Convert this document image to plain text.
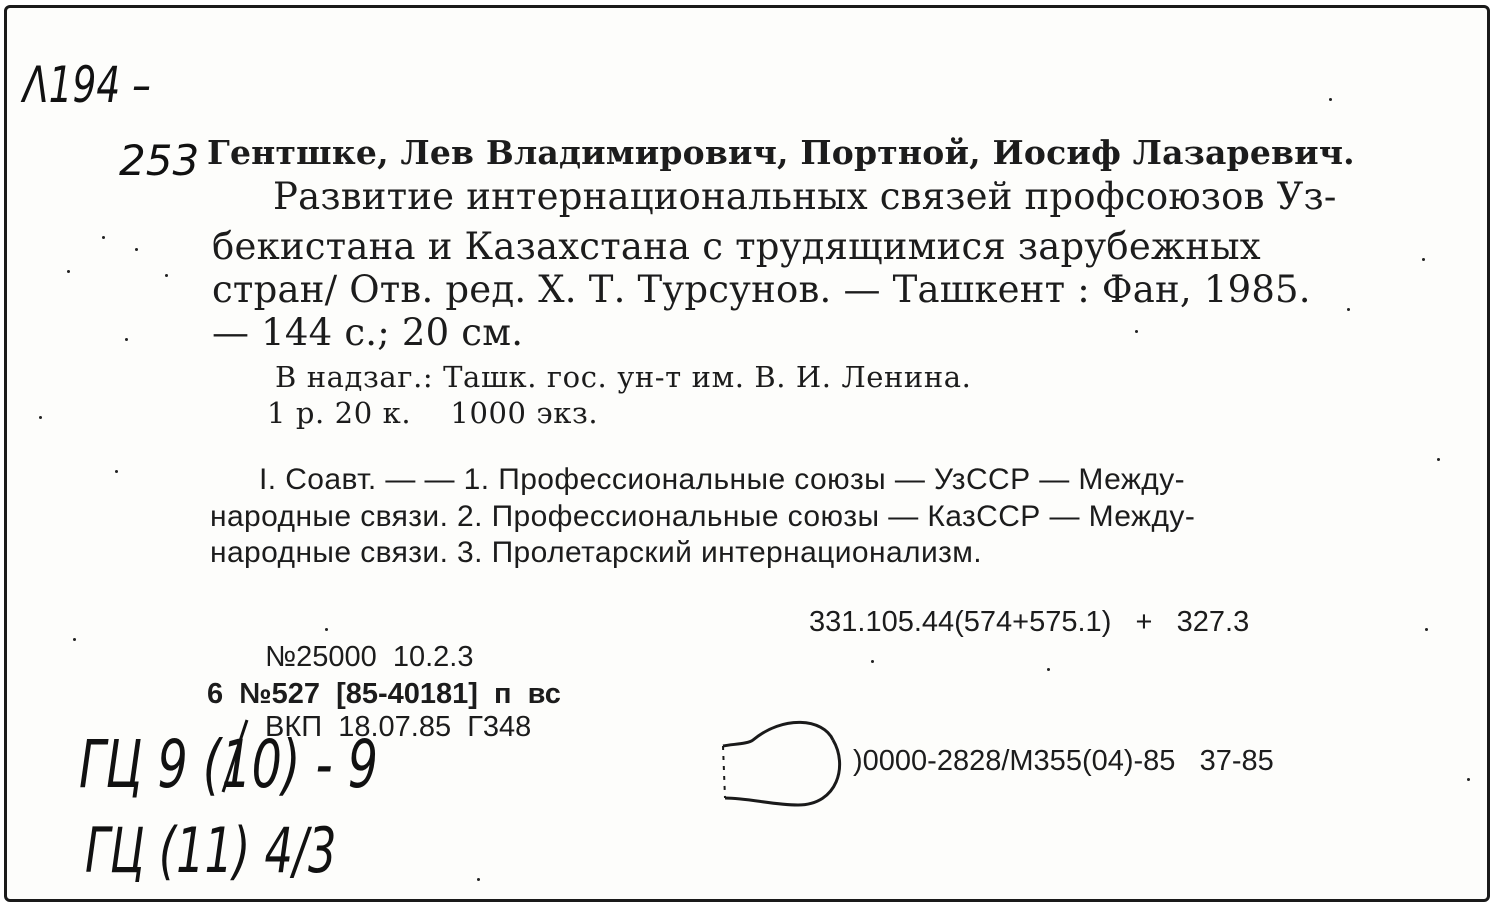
Λ194 –
253 Гентшке, Лев Владимирович, Портной, Иосиф Лазаревич.
Развитие интернациональных связей профсоюзов Уз-
бекистана и Казахстана с трудящимися зарубежных
стран/ Отв. ред. Х. Т. Турсунов. — Ташкент : Фан, 1985.
— 144 с.; 20 см.
В надзаг.: Ташк. гос. ун-т им. В. И. Ленина.
1 р. 20 к.    1000 экз.
I. Соавт. — — 1. Профессиональные союзы — УзССР — Между-
народные связи. 2. Профессиональные союзы — КазССР — Между-
народные связи. 3. Пролетарский интернационализм.
331.105.44(574+575.1)   +   327.3
№25000  10.2.3
6  №527  [85-40181]  п  вс
ВКП  18.07.85  Г348
)0000-2828/М355(04)-85   37-85
ГЦ 9 (10) - 9
ГЦ (11) 4/3
